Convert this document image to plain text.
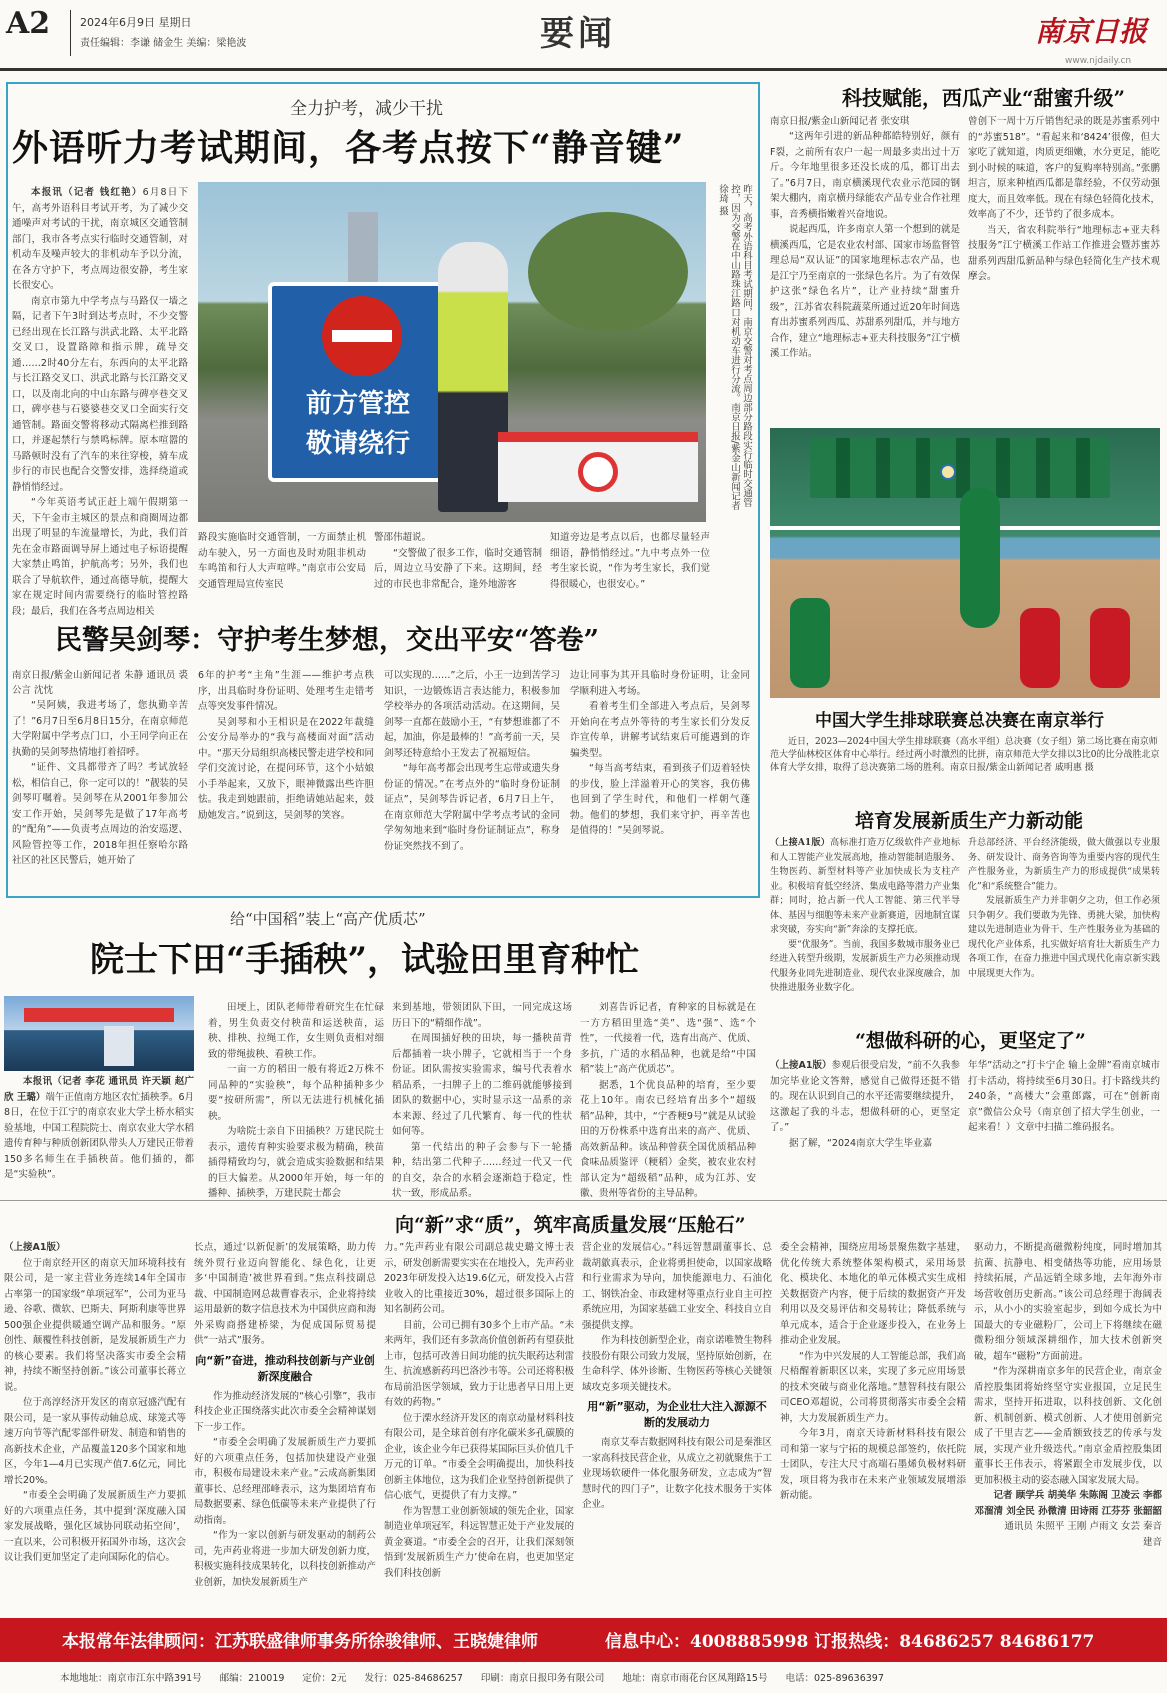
A2	2024年6月9日 星期日
责任编辑：李谦 储金生 美编：梁艳波	要闻	南京日报
www.njdaily.cn
全力护考，减少干扰
外语听力考试期间，各考点按下“静音键”

本报讯（记者 钱红艳）6月8日下午，高考外语科目考试开考，为了减少交通噪声对考试的干扰，南京城区交通管制部门，我市各考点实行临时交通管制，对机动车及噪声较大的非机动车予以分流，在各方守护下，考点周边很安静，考生家长很安心。

南京市第九中学考点与马路仅一墙之隔，记者下午3时到达考点时，不少交警已经出现在长江路与洪武北路、太平北路交叉口，设置路障和指示牌，疏导交通……2时40分左右，东西向的太平北路与长江路交叉口、洪武北路与长江路交叉口，以及南北向的中山东路与碑亭巷交叉口，碑亭巷与石婆婆巷交叉口全面实行交通管制。路面交警将移动式隔离栏推到路口，并逐起禁行与禁鸣标牌。原本喧嚣的马路顿时没有了汽车的来往穿梭，骑车成步行的市民也配合交警安排，选择绕道或静悄悄经过。

“今年英语考试正赶上端午假期第一天，下午金市主城区的景点和商圈周边都出现了明显的车流量增长，为此，我们首先在金市路面调导屏上通过电子标语提醒大家禁止鸣笛，护航高考；另外，我们也联合了导航软件，通过高德导航，提醒大家在规定时间内需要绕行的临时管控路段；最后，我们在各考点周边相关

前方管控
敬请绕行	昨天，高考外语科目考试期间，南京交警对考点周边部分路段实行临时交通管控，因为交警在中山路珠江路口对机动车进行分流。南京日报/紫金山新闻记者 徐琦 摄
路段实施临时交通管制，一方面禁止机动车驶入，另一方面也及时劝阻非机动车鸣笛和行人大声喧哗。”南京市公安局交通管理局宣传室民
警邵伟超说。

“交警做了很多工作，临时交通管制后，周边立马安静了下来。这期间，经过的市民也非常配合，逢外地游客

知道旁边是考点以后，也都尽量轻声细语，静悄悄经过。”九中考点外一位考生家长说，“作为考生家长，我们觉得很暖心，也很安心。”
民警吴剑琴：守护考生梦想，交出平安“答卷”
南京日报/紫金山新闻记者 朱静 通讯员 裘公言 沈忱

“吴阿姨，我进考场了，您执勤辛苦了！”6月7日至6月8日15分，在南京师范大学附属中学考点门口，小王同学向正在执勤的吴剑琴热情地打着招呼。

“证件、文具都带齐了吗？考试放轻松，相信自己，你一定可以的！”靓装的吴剑琴叮嘱着。吴剑琴在从2001年参加公安工作开始，吴剑琴先是做了17年高考的“配角”——负责考点周边的治安巡逻、风险管控等工作，2018年担任察哈尔路社区的社区民警后，她开始了

6年的护考“主角”生涯——维护考点秩序，出具临时身份证明、处理考生走错考点等突发事件情况。

吴剑琴和小王相识是在2022年裁缝公安分局举办的“我与高楼面对面”活动中。“那天分局组织高楼民警走进学校和同学们交流讨论，在提问环节，这个小姑娘小手举起来，又放下，眼神微露出些许胆怯。我走到她跟前，拒绝请她站起来，鼓励她发言。”说到这，吴剑琴的笑容。

可以实现的……”之后，小王一边到苦学习知识，一边锻炼语言表达能力，积极参加学校举办的各项活动活动。在这期间，吴剑琴一直都在鼓励小王，“有梦想谁都了不起，加油，你是最棒的！”高考前一天，吴剑琴还特意给小王发去了祝福短信。

“每年高考都会出现考生忘带或遗失身份证的情况。”在考点外的“临时身份证制证点”，吴剑琴告诉记者，6月7日上午，在南京师范大学附属中学考点考试的金同学匆匆地来到“临时身份证制证点”，称身份证突然找不到了。

边让同事为其开具临时身份证明，让金同学顺利进入考场。

看着考生们全部进入考点后，吴剑琴开始向在考点外等待的考生家长们分发反诈宣传单，讲解考试结束后可能遇到的诈骗类型。

“每当高考结束，看到孩子们迈着轻快的步伐，脸上洋溢着开心的笑容，我仿佛也回到了学生时代，和他们一样朝气蓬勃。他们的梦想，我们来守护，再辛苦也是值得的！”吴剑琴说。

科技赋能，西瓜产业“甜蜜升级”
南京日报/紫金山新闻记者 张安琪

“这两年引进的新品种都皓特别好，颜有F裂，之前所有农户一起一周最多卖出过十万斤。今年地里很多还没长成的瓜，都订出去了。”6月7日，南京横溪现代农业示范园的钢架大棚内，南京横丹绿能农产品专业合作社理事，音秀横指嫩着兴奋地说。

说起西瓜，许多南京人第一个想到的就是横溪西瓜，它是农业农村部、国家市场监督管理总局“双认证”的国家地理标志农产品，也是江宁乃至南京的一张绿色名片。为了有效保护这张“绿色名片”，让产业持续“甜蜜升级”，江苏省农科院蔬菜所通过近20年时间选育出苏蜜系列西瓜、苏甜系列甜瓜，并与地方合作，建立“地理标志+亚夫科技服务”江宁横溪工作站。

曾创下一周十万斤销售纪录的既是苏蜜系列中的“苏蜜518”。“看起来和‘8424’很像，但大家吃了就知道，肉质更细嫩，水分更足，能吃到小时候的味道，客户的复购率特别高。”张鹏坦言，原来种植西瓜都是靠经验，不仅劳动强度大，而且效率低。现在有绿色轻简化技术，效率高了不少，还节约了很多成本。

当天，省农科院举行“地理标志+亚夫科技服务”江宁横溪工作站工作推进会暨苏蜜苏甜系列西甜瓜新品种与绿色轻简化生产技术观摩会。

中国大学生排球联赛总决赛在南京举行
近日，2023—2024中国大学生排球联赛（高水平组）总决赛（女子组）第二场比赛在南京师范大学仙林校区体育中心举行。经过两小时激烈的比拼，南京师范大学女排以3比0的比分战胜北京体育大学女排，取得了总决赛第二场的胜利。南京日报/紫金山新闻记者 戚明惠 摄
培育发展新质生产力新动能
（上接A1版）高标准打造万亿级软件产业地标和人工智能产业发展高地，推动智能制造服务、生物医药、新型材料等产业加快成长为支柱产业。积极培育低空经济、集成电路等潜力产业集群；同时，抢占新一代人工智能、第三代半导体、基因与细胞等未来产业新赛道，因地制宜谋求突破，夯实向“新”奔涂的支撑托底。

要“优服务”。当前，我国多数城市服务业已经进入转型升级期，发展新质生产力必须推动现代服务业同先进制造业、现代农业深度融合，加快推进服务业数字化。

升总部经济、平台经济能级，做大做强以专业服务、研发设计、商务咨询等为重要内容的现代生产性服务业，为新质生产力的形成提供“成果转化”和“系统整合”能力。

发展新质生产力并非朝夕之功，但工作必须只争朝夕。我们要敢为先锋、勇挑大梁，加快构建以先进制造业为骨干、生产性服务业为基础的现代化产业体系，扎实做好培育壮大新质生产力各项工作，在奋力推进中国式现代化南京新实践中展现更大作为。

“想做科研的心，更坚定了”
（上接A1版）参观后很受启发，“前不久我参加完毕业论文答辩，感觉自己做得还挺不错的。现在认识到自己的水平还需要继续提升，这激起了我的斗志，想做科研的心，更坚定了。”

据了解，“2024南京大学生毕业嘉

年华”活动之“打卡宁企 输上金牌”看南京城市打卡活动，将持续至6月30日。打卡路线共约240条，“高楼大”会重郎露，可在“创新南京”微信公众号（南京创了招大学生创业，一起来看！）文章中扫描二维码报名。
给“中国稻”装上“高产优质芯”
院士下田“手插秧”，试验田里育种忙

本报讯（记者 李花 通讯员 许天颖 赵广欣 王璐）端午正值南方地区农忙插秧季。6月8日，在位于江宁的南京农业大学土桥水稻实验基地，中国工程院院士、南京农业大学水稻遗传育种与种质创新团队带头人万建民正带着150多名师生在手插秧苗。他们插的，都是“实验秧”。

田埂上，团队老师带着研究生在忙碌着，男生负责交付秧苗和运送秧苗，运秧、排秧、拉绳工作，女生则负责相对细致的带绳拔秧、看秧工作。

一亩一方的稻田一般有将近2万株不同品种的“实验秧”，每个品种插种多少要“按研所需”，所以无法进行机械化插秧。

为啥院士亲自下田插秧？万建民院士表示，遗传育种实验要求极为精确，秧苗插得精致均匀，就会造成实验数据和结果的巨大偏差。从2000年开始，每一年的播种、插秧季，万建民院士都会

来到基地，带领团队下田，一同完成这场历日下的“精细作战”。

在周围插好秧的田块，每一播秧苗背后都插着一块小牌子，它就相当于一个身份证。团队需按实验需求，编号代表着水稻品系，一扫牌子上的二维码就能够接到团队的数据中心，实时显示这一品系的亲本来源、经过了几代繁育、每一代的性状如何等。

第一代结出的种子会参与下一轮播种，结出第二代种子……经过一代又一代的自交，杂合的水稻会逐渐趋于稳定，性状一致，形成品系。

刘喜告诉记者，育种家的目标就是在一方方稻田里选“美”、选“强”、选“个性”，一代接着一代，选育出高产、优质、多抗，广适的水稻品种，也就是给“中国稻”装上“高产优质芯”。

据悉，1个优良品种的培育，至少要花上10年。南农已经培育出多个“超级稻”品种，其中，“宁香粳9号”就是从试验田的万份株系中选育出来的高产、优质、高效新品种。该品种曾获全国优质稻品种食味品质鉴评（粳稻）金奖，被农业农村部认定为“超级稻”品种，成为江苏、安徽、贵州等省份的主导品种。

向“新”求“质”，筑牢高质量发展“压舱石”
（上接A1版）

位于南京经开区的南京天加环境科技有限公司，是一家主营业务连续14年全国市占率第一的国家级“单项冠军”，公司为亚马逊、谷歌、微软、巴斯夫、阿斯利康等世界500强企业提供暖通空调产品和服务。“原创性、颠覆性科技创新，是发展新质生产力的核心要素。我们将坚决落实市委全会精神，持续不断坚持创新。”该公司董事长蒋立说。

位于高淳经济开发区的南京冠盛汽配有限公司，是一家从事传动轴总成、球笼式等速万向节等汽配零部件研发、制造和销售的高新技术企业，产品覆盖120多个国家和地区，今年1—4月已实现产值7.6亿元，同比增长20%。

“市委全会明确了发展新质生产力要抓好的六项重点任务，其中提到‘深度融入国家发展战略，强化区域协同联动拓空间’，一直以来，公司积极开拓国外市场，这次会议让我们更加坚定了走向国际化的信心。

长点，通过‘以新促新’的发展策略，助力传统外贸行业迈向智能化、绿色化，让更多‘中国制造’被世界看到。”焦点科技副总裁、中国制造网总裁曹睿表示，企业将持续运用最新的数字信息技术为中国供应商和海外采购商搭建桥梁，为促成国际贸易提供“一站式”服务。
向“新”奋进，推动科技创新与产业创新深度融合

作为推动经济发展的“核心引擎”，我市科技企业正围绕落实此次市委全会精神谋划下一步工作。

“市委全会明确了发展新质生产力要抓好的六项重点任务，包括加快建设产业强市，积极布局建设未来产业。”云成高新集团董事长、总经理邵峰表示，这为集团培育布局数据要素、绿色低碳等未来产业提供了行动指南。

“作为一家以创新与研发驱动的制药公司，先声药业将进一步加大研发创新力度，积极实施科技成果转化，以科技创新推动产业创新，加快发展新质生产

力。”先声药业有限公司副总裁史璐文博士表示，研发创新需要实实在在地投入，先声药业2023年研发投入达19.6亿元，研发投入占营业收入的比重接近30%，超过很多国际上的知名制药公司。

目前，公司已拥有30多个上市产品。“未来两年，我们还有多款高价值创新药有望获批上市，包括可改善日间功能的抗失眠药达利雷生、抗流感新药玛巴洛沙韦等。公司还将积极布局前沿医学领域，致力于让患者早日用上更有效的药物。”

位于溧水经济开发区的南京动量材料科技有限公司，是全球首创有序化碳米多孔碳膜的企业，该企业今年已获得某国际巨头价值几千万元的订单。“市委全会明确提出，加快科技创新主体地位，这为我们企业坚持创新提供了信心底气，更提供了有力支撑。”

作为智慧工业创新领域的领先企业，国家制造业单项冠军，科远智慧正处于产业发展的黄金赛道。“市委全会的召开，让我们深刻领悟到‘发展新质生产力’使命在肩，也更加坚定我们科技创新

营企业的发展信心。”科远智慧副董事长、总裁胡歙真表示，企业将勇担使命，以国家战略和行业需求为导向，加快能源电力、石油化工、钢铁冶金、市政建材等重点行业自主可控系统应用，为国家基础工业安全、科技自立自强提供支撑。

作为科技创新型企业，南京诺唯赞生物科技股份有限公司致力发展，坚持原始创新，在生命科学、体外诊断、生物医药等核心关键领域攻克多项关键技术。

用“新”驱动，为企业壮大注入源源不断的发展动力

南京艾奉吉数据网科技有限公司是秦淮区一家高科技民营企业，从成立之初就聚焦于工业现场软硬件一体化服务研发，立志成为“智慧时代的四门子”，让数字化技术服务于实体企业。

委全会精神，围绕应用场景聚焦数字基建，优化传统大系统整体架构模式，采用场景化、模块化、本地化的单元体模式实生成相关数据资产内容，便于后续的数据资产开发利用以及交易评估和交易转让；降低系统与单元成本，适合于企业逐步投入，在业务上推动企业发展。

“作为中兴发展的人工智能总部，我们高尺梧醒着新职区以来，实现了多元应用场景的技术突破与商业化落地。”慧智科技有限公司CEO邓超说，公司将贯彻落实市委全会精神，大力发展新质生产力。

今年3月，南京天诗新材料科技有限公司和第一家与宁拓的规模总部签约，依托院士团队，专注大尺寸高端石墨烯负极材料研发，项目将为我市在未来产业领域发展增添新动能。

驱动力，不断提高磁微粉纯度，同时增加其抗菌、抗静电、相变储热等功能，应用场景持续拓展，产品远销全球多地，去年海外市场营收创历史新高。”该公司总经理于海阔表示，从小小的实验室起步，到如今成长为中国最大的专业磁粉厂，公司上下将继续在磁微粉细分领域深耕细作，加大技术创新突破，超车“磁粉”方面前进。

“作为深耕南京多年的民营企业，南京金盾控股集团将始终坚守实业报国，立足民生需求，坚持开拓进取，以科技创新、文化创新、机制创新、模式创新、人才使用创新完成了干里吉艺——金盾额致技艺的传承与发展，实现产业升级迭代。”南京金盾控股集团董事长王伟表示，将紧跟全市发展步伐，以更加积极主动的姿态融入国家发展大局。

记者 顾学兵 胡美华 朱陈阁 卫凌云 李都 邓溜清 刘全民 孙微清 田诗雨 江芬芬 张韶韶

通讯员 朱照平 王刚 卢雨文 女芸 秦音 建音

本报常年法律顾问：江苏联盛律师事务所徐骏律师、王晓婕律师	信息中心：4008885998 订报热线：84686257 84686177
本地地址：南京市江东中路391号 邮编：210019 定价：2元 发行：025-84686257 印刷：南京日报印务有限公司 地址：南京市雨花台区凤翔路15号 电话：025-89636397
